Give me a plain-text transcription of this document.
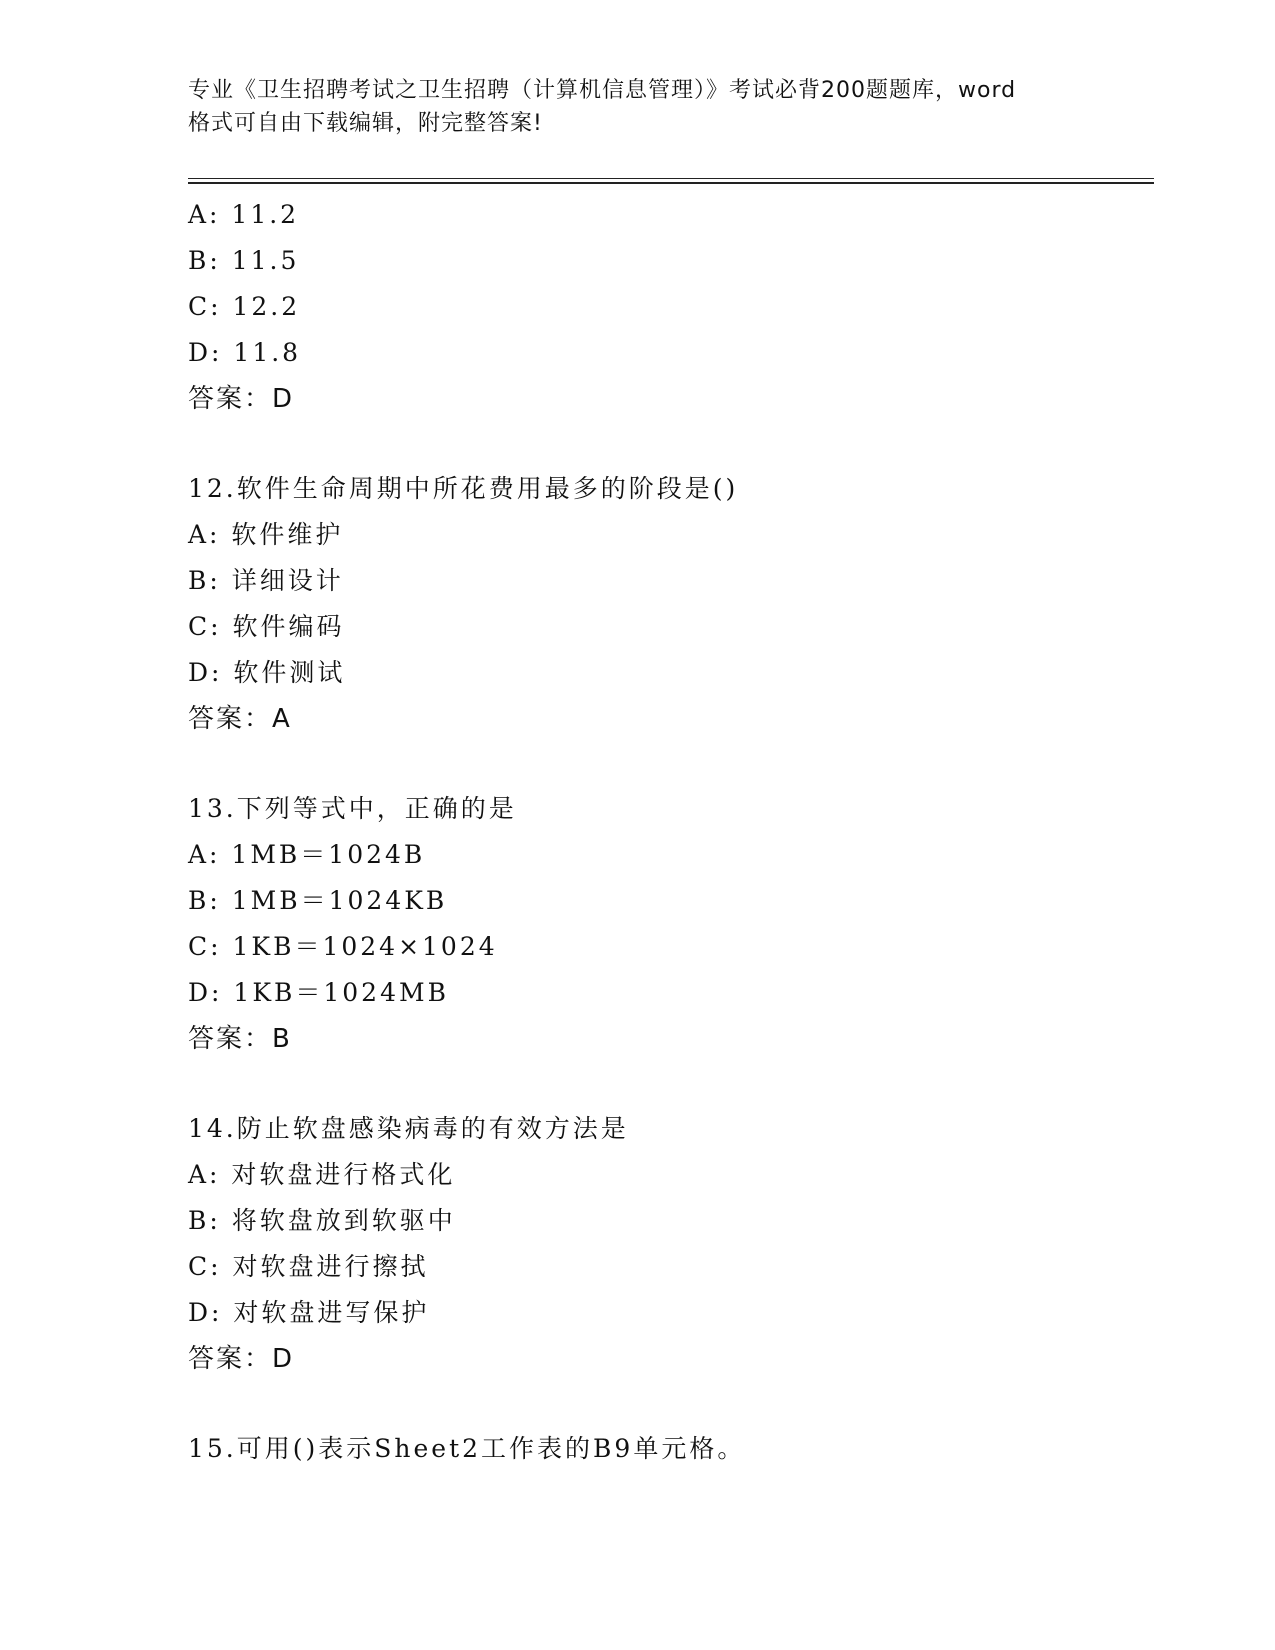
专业《卫生招聘考试之卫生招聘（计算机信息管理）》考试必背200题题库，word
格式可自由下载编辑，附完整答案!
A: 11.2
B: 11.5
C: 12.2
D: 11.8
答案：D
12.软件生命周期中所花费用最多的阶段是()
A: 软件维护
B: 详细设计
C: 软件编码
D: 软件测试
答案：A
13.下列等式中，正确的是
A: 1MB＝1024B
B: 1MB＝1024KB
C: 1KB＝1024×1024
D: 1KB＝1024MB
答案：B
14.防止软盘感染病毒的有效方法是
A: 对软盘进行格式化
B: 将软盘放到软驱中
C: 对软盘进行擦拭
D: 对软盘进写保护
答案：D
15.可用()表示Sheet2工作表的B9单元格。
